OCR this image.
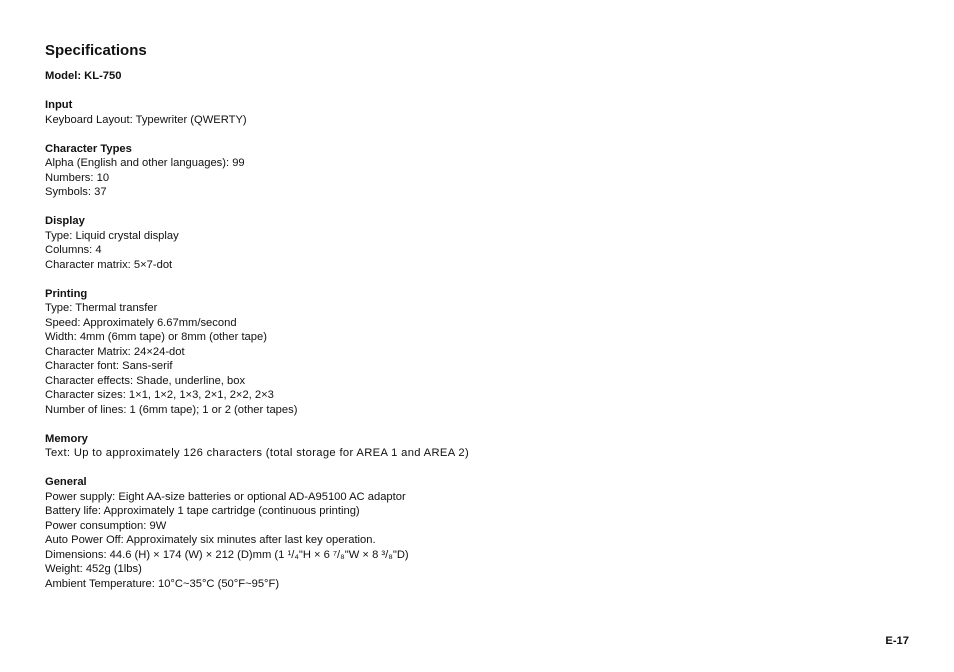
Specifications
Model: KL-750
Input
Keyboard Layout: Typewriter (QWERTY)
Character Types
Alpha (English and other languages): 99
Numbers: 10
Symbols: 37
Display
Type: Liquid crystal display
Columns: 4
Character matrix: 5×7-dot
Printing
Type: Thermal transfer
Speed: Approximately 6.67mm/second
Width: 4mm (6mm tape) or 8mm (other tape)
Character Matrix: 24×24-dot
Character font: Sans-serif
Character effects: Shade, underline, box
Character sizes: 1×1, 1×2, 1×3, 2×1, 2×2, 2×3
Number of lines: 1 (6mm tape); 1 or 2 (other tapes)
Memory
Text: Up to approximately 126 characters (total storage for AREA 1 and AREA 2)
General
Power supply: Eight AA-size batteries or optional AD-A95100 AC adaptor
Battery life: Approximately 1 tape cartridge (continuous printing)
Power consumption: 9W
Auto Power Off: Approximately six minutes after last key operation.
Dimensions: 44.6 (H) × 174 (W) × 212 (D)mm (1 ¹/₄"H × 6 ⁷/₈"W × 8 ³/₈"D)
Weight: 452g (1lbs)
Ambient Temperature: 10°C~35°C (50°F~95°F)
E-17
